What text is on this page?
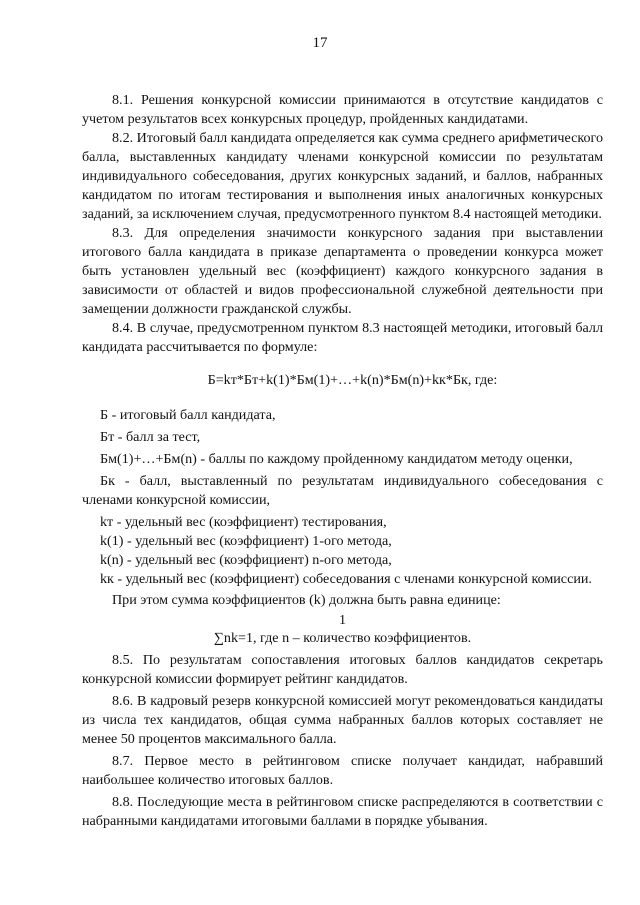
17

8.1. Решения конкурсной комиссии принимаются в отсутствие кандидатов с учетом результатов всех конкурсных процедур, пройденных кандидатами.

8.2. Итоговый балл кандидата определяется как сумма среднего арифметического балла, выставленных кандидату членами конкурсной комиссии по результатам индивидуального собеседования, других конкурсных заданий, и баллов, набранных кандидатом по итогам тестирования и выполнения иных аналогичных конкурсных заданий, за исключением случая, предусмотренного пунктом 8.4 настоящей методики.

8.3. Для определения значимости конкурсного задания при выставлении итогового балла кандидата в приказе департамента о проведении конкурса может быть установлен удельный вес (коэффициент) каждого конкурсного задания в зависимости от областей и видов профессиональной служебной деятельности при замещении должности гражданской службы.

8.4. В случае, предусмотренном пунктом 8.3 настоящей методики, итоговый балл кандидата рассчитывается по формуле:

Б=kт*Бт+k(1)*Бм(1)+…+k(n)*Бм(n)+kк*Бк, где:

Б - итоговый балл кандидата,

Бт - балл за тест,

Бм(1)+…+Бм(n) - баллы по каждому пройденному кандидатом методу оценки,

Бк - балл, выставленный по результатам индивидуального собеседования с членами конкурсной комиссии,

kт - удельный вес (коэффициент) тестирования,

k(1) - удельный вес (коэффициент) 1-ого метода,

k(n) - удельный вес (коэффициент) n-ого метода,

kк - удельный вес (коэффициент) собеседования с членами конкурсной комиссии.

При этом сумма коэффициентов (k) должна быть равна единице:

1
∑nk=1, где n – количество коэффициентов.

8.5. По результатам сопоставления итоговых баллов кандидатов секретарь конкурсной комиссии формирует рейтинг кандидатов.

8.6. В кадровый резерв конкурсной комиссией могут рекомендоваться кандидаты из числа тех кандидатов, общая сумма набранных баллов которых составляет не менее 50 процентов максимального балла.

8.7. Первое место в рейтинговом списке получает кандидат, набравший наибольшее количество итоговых баллов.

8.8. Последующие места в рейтинговом списке распределяются в соответствии с набранными кандидатами итоговыми баллами в порядке убывания.
